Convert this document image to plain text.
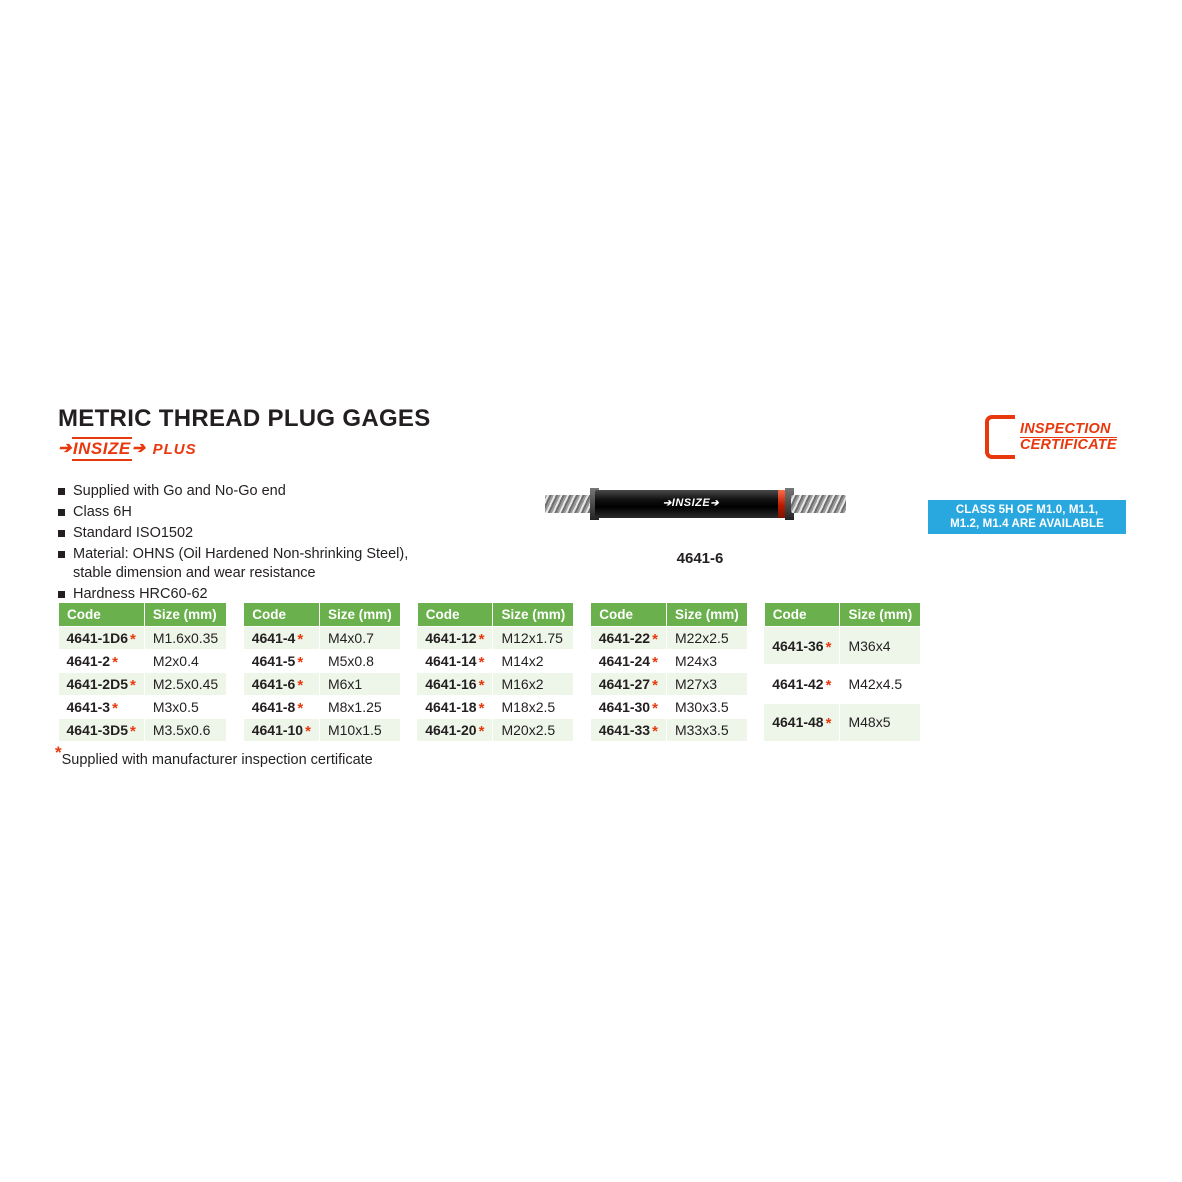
METRIC THREAD PLUG GAGES
➔ INSIZE ➔ PLUS
Supplied with Go and No-Go end
Class 6H
Standard ISO1502
Material: OHNS (Oil Hardened Non-shrinking Steel),
stable dimension and wear resistance
Hardness HRC60-62
➔INSIZE➔
4641-6
INSPECTION
CERTIFICATE
CLASS 5H OF M1.0, M1.1,
M1.2, M1.4 ARE AVAILABLE
Code	Size (mm)
4641-1D6 *	M1.6x0.35
4641-2 *	M2x0.4
4641-2D5 *	M2.5x0.45
4641-3 *	M3x0.5
4641-3D5 *	M3.5x0.6
Code	Size (mm)
4641-4 *	M4x0.7
4641-5 *	M5x0.8
4641-6 *	M6x1
4641-8 *	M8x1.25
4641-10 *	M10x1.5
Code	Size (mm)
4641-12 *	M12x1.75
4641-14 *	M14x2
4641-16 *	M16x2
4641-18 *	M18x2.5
4641-20 *	M20x2.5
Code	Size (mm)
4641-22 *	M22x2.5
4641-24 *	M24x3
4641-27 *	M27x3
4641-30 *	M30x3.5
4641-33 *	M33x3.5
Code	Size (mm)
4641-36 *	M36x4
4641-42 *	M42x4.5
4641-48 *	M48x5
*Supplied with manufacturer inspection certificate
